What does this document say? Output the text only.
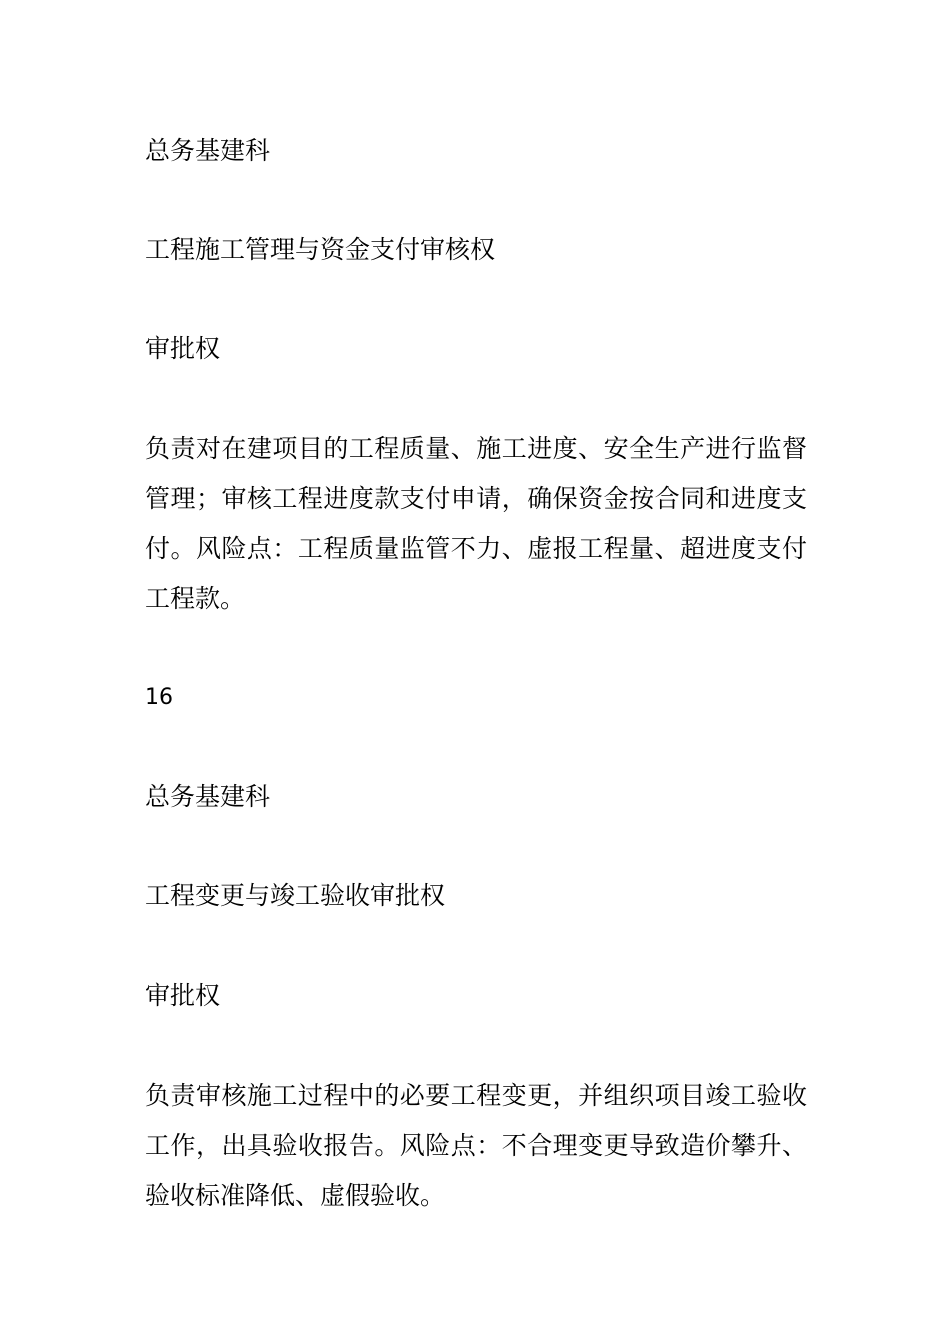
总务基建科
工程施工管理与资金支付审核权
审批权
负责对在建项目的工程质量、施工进度、安全生产进行监督管理；审核工程进度款支付申请，确保资金按合同和进度支付。风险点：工程质量监管不力、虚报工程量、超进度支付工程款。
16
总务基建科
工程变更与竣工验收审批权
审批权
负责审核施工过程中的必要工程变更，并组织项目竣工验收工作，出具验收报告。风险点：不合理变更导致造价攀升、验收标准降低、虚假验收。
